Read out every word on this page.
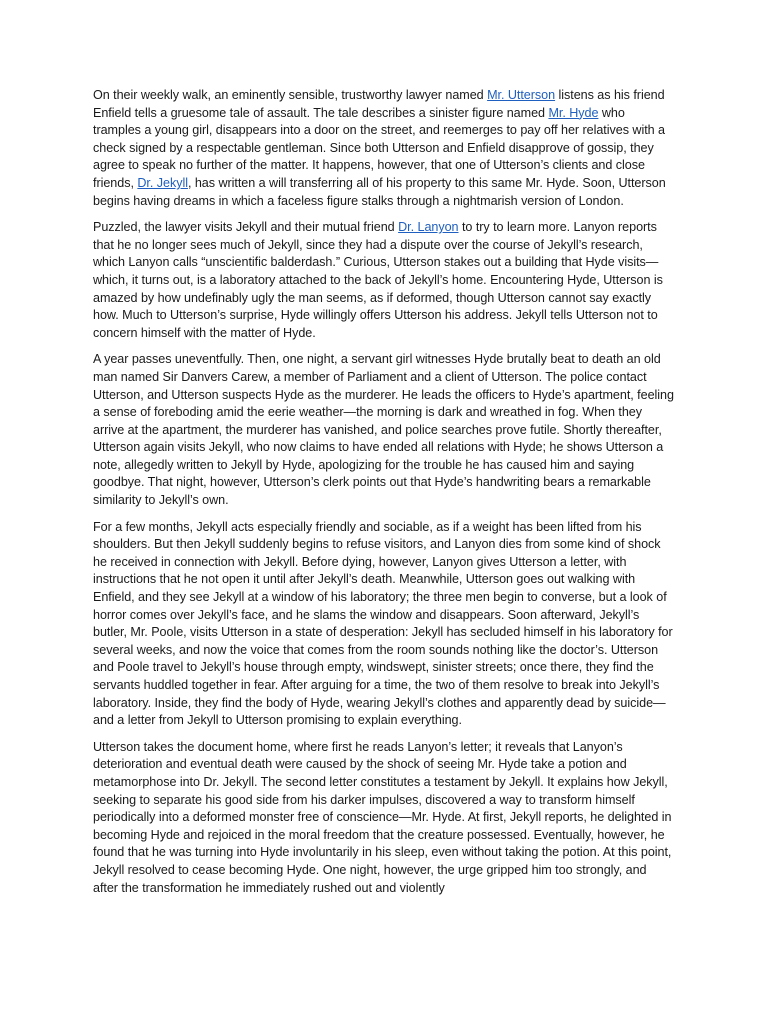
On their weekly walk, an eminently sensible, trustworthy lawyer named Mr. Utterson listens as his friend Enfield tells a gruesome tale of assault. The tale describes a sinister figure named Mr. Hyde who tramples a young girl, disappears into a door on the street, and reemerges to pay off her relatives with a check signed by a respectable gentleman. Since both Utterson and Enfield disapprove of gossip, they agree to speak no further of the matter. It happens, however, that one of Utterson’s clients and close friends, Dr. Jekyll, has written a will transferring all of his property to this same Mr. Hyde. Soon, Utterson begins having dreams in which a faceless figure stalks through a nightmarish version of London.

Puzzled, the lawyer visits Jekyll and their mutual friend Dr. Lanyon to try to learn more. Lanyon reports that he no longer sees much of Jekyll, since they had a dispute over the course of Jekyll’s research, which Lanyon calls “unscientific balderdash.” Curious, Utterson stakes out a building that Hyde visits—which, it turns out, is a laboratory attached to the back of Jekyll’s home. Encountering Hyde, Utterson is amazed by how undefinably ugly the man seems, as if deformed, though Utterson cannot say exactly how. Much to Utterson’s surprise, Hyde willingly offers Utterson his address. Jekyll tells Utterson not to concern himself with the matter of Hyde.

A year passes uneventfully. Then, one night, a servant girl witnesses Hyde brutally beat to death an old man named Sir Danvers Carew, a member of Parliament and a client of Utterson. The police contact Utterson, and Utterson suspects Hyde as the murderer. He leads the officers to Hyde’s apartment, feeling a sense of foreboding amid the eerie weather—the morning is dark and wreathed in fog. When they arrive at the apartment, the murderer has vanished, and police searches prove futile. Shortly thereafter, Utterson again visits Jekyll, who now claims to have ended all relations with Hyde; he shows Utterson a note, allegedly written to Jekyll by Hyde, apologizing for the trouble he has caused him and saying goodbye. That night, however, Utterson’s clerk points out that Hyde’s handwriting bears a remarkable similarity to Jekyll’s own.

For a few months, Jekyll acts especially friendly and sociable, as if a weight has been lifted from his shoulders. But then Jekyll suddenly begins to refuse visitors, and Lanyon dies from some kind of shock he received in connection with Jekyll. Before dying, however, Lanyon gives Utterson a letter, with instructions that he not open it until after Jekyll’s death. Meanwhile, Utterson goes out walking with Enfield, and they see Jekyll at a window of his laboratory; the three men begin to converse, but a look of horror comes over Jekyll’s face, and he slams the window and disappears. Soon afterward, Jekyll’s butler, Mr. Poole, visits Utterson in a state of desperation: Jekyll has secluded himself in his laboratory for several weeks, and now the voice that comes from the room sounds nothing like the doctor’s. Utterson and Poole travel to Jekyll’s house through empty, windswept, sinister streets; once there, they find the servants huddled together in fear. After arguing for a time, the two of them resolve to break into Jekyll’s laboratory. Inside, they find the body of Hyde, wearing Jekyll’s clothes and apparently dead by suicide—and a letter from Jekyll to Utterson promising to explain everything.

Utterson takes the document home, where first he reads Lanyon’s letter; it reveals that Lanyon’s deterioration and eventual death were caused by the shock of seeing Mr. Hyde take a potion and metamorphose into Dr. Jekyll. The second letter constitutes a testament by Jekyll. It explains how Jekyll, seeking to separate his good side from his darker impulses, discovered a way to transform himself periodically into a deformed monster free of conscience—Mr. Hyde. At first, Jekyll reports, he delighted in becoming Hyde and rejoiced in the moral freedom that the creature possessed. Eventually, however, he found that he was turning into Hyde involuntarily in his sleep, even without taking the potion. At this point, Jekyll resolved to cease becoming Hyde. One night, however, the urge gripped him too strongly, and after the transformation he immediately rushed out and violently
